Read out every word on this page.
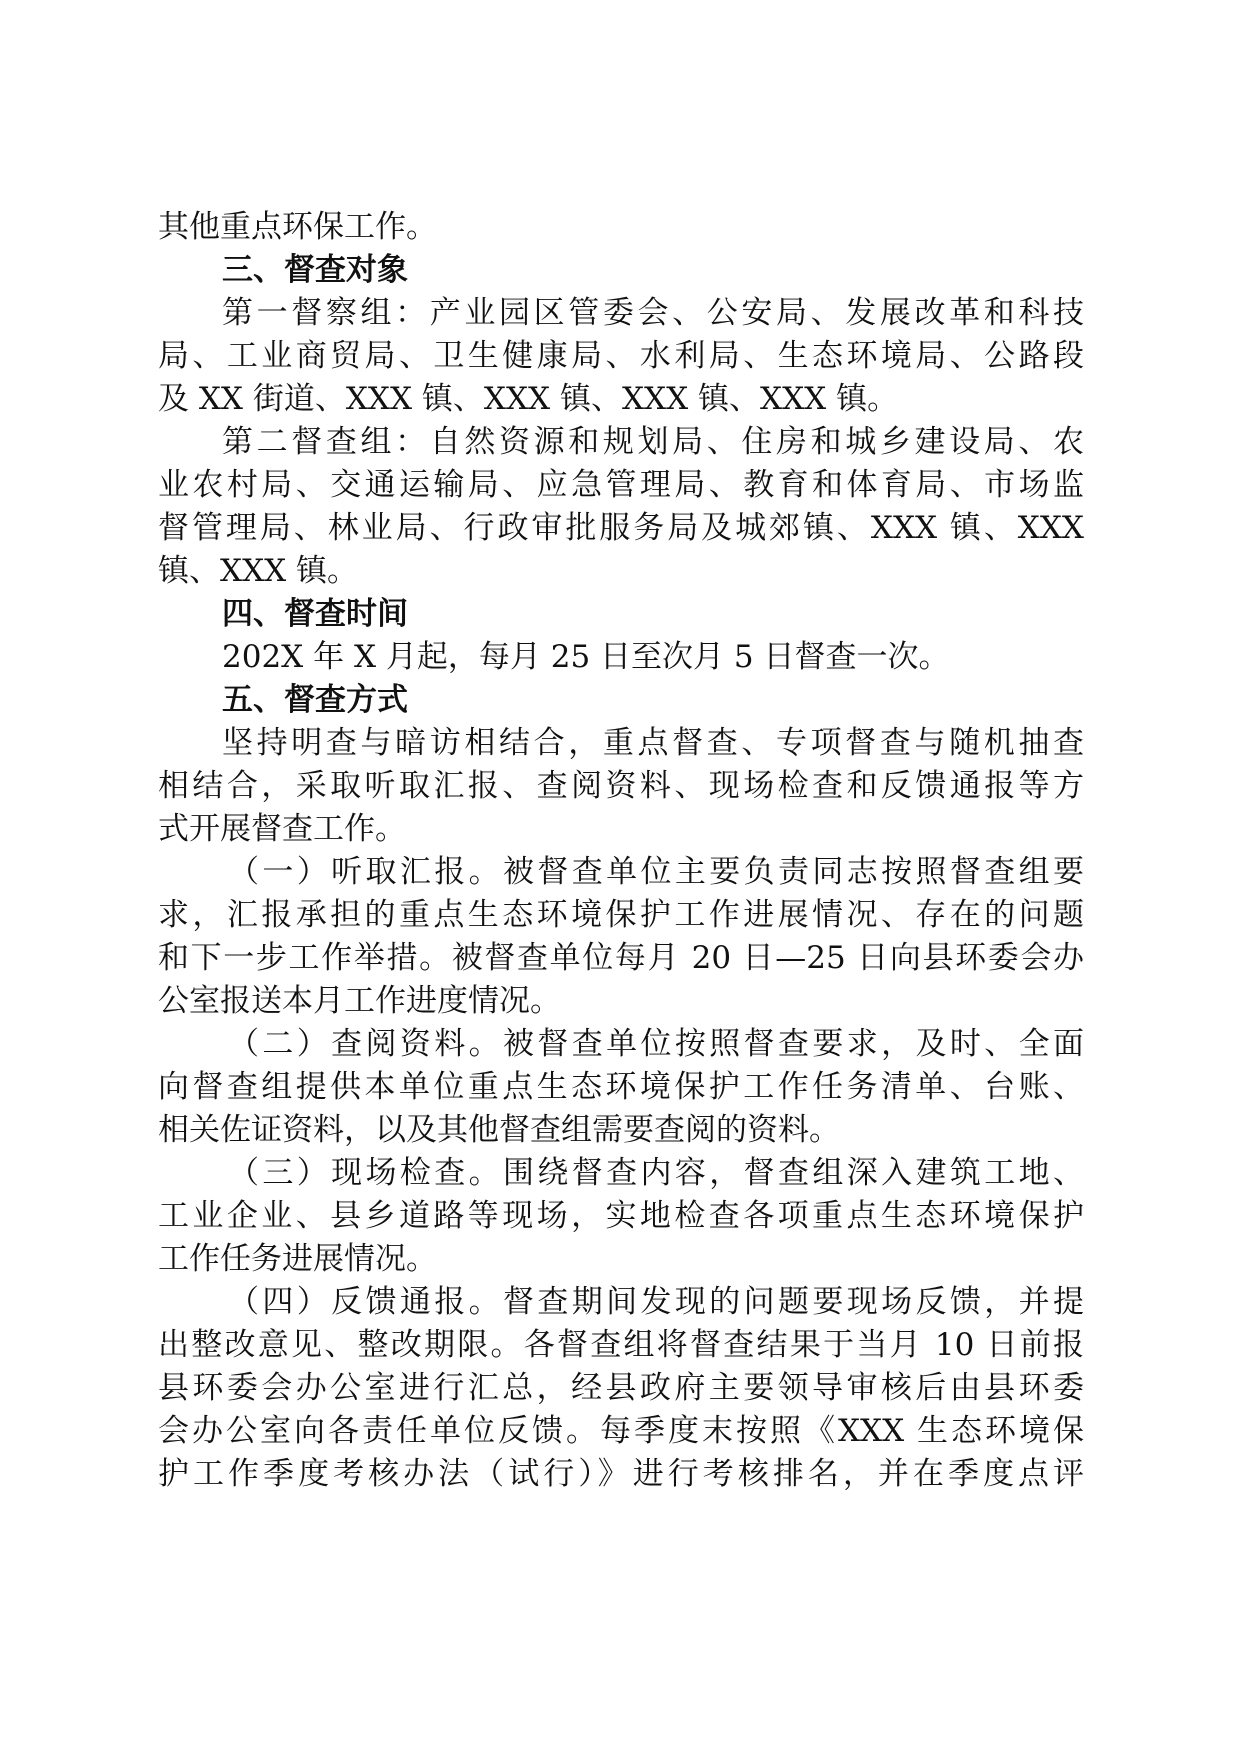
其他重点环保工作。
三、督查对象
第一督察组：产业园区管委会、公安局、发展改革和科技
局、工业商贸局、卫生健康局、水利局、生态环境局、公路段
及 XX 街道、XXX 镇、XXX 镇、XXX 镇、XXX 镇。
第二督查组：自然资源和规划局、住房和城乡建设局、农
业农村局、交通运输局、应急管理局、教育和体育局、市场监
督管理局、林业局、行政审批服务局及城郊镇、XXX 镇、XXX
镇、XXX 镇。
四、督查时间
202X 年 X 月起，每月 25 日至次月 5 日督查一次。
五、督查方式
坚持明查与暗访相结合，重点督查、专项督查与随机抽查
相结合，采取听取汇报、查阅资料、现场检查和反馈通报等方
式开展督查工作。
（一）听取汇报。被督查单位主要负责同志按照督查组要
求，汇报承担的重点生态环境保护工作进展情况、存在的问题
和下一步工作举措。被督查单位每月 20 日—25 日向县环委会办
公室报送本月工作进度情况。
（二）查阅资料。被督查单位按照督查要求，及时、全面
向督查组提供本单位重点生态环境保护工作任务清单、台账、
相关佐证资料，以及其他督查组需要查阅的资料。
（三）现场检查。围绕督查内容，督查组深入建筑工地、
工业企业、县乡道路等现场，实地检查各项重点生态环境保护
工作任务进展情况。
（四）反馈通报。督查期间发现的问题要现场反馈，并提
出整改意见、整改期限。各督查组将督查结果于当月 10 日前报
县环委会办公室进行汇总，经县政府主要领导审核后由县环委
会办公室向各责任单位反馈。每季度末按照《XXX 生态环境保
护工作季度考核办法（试行）》进行考核排名，并在季度点评
